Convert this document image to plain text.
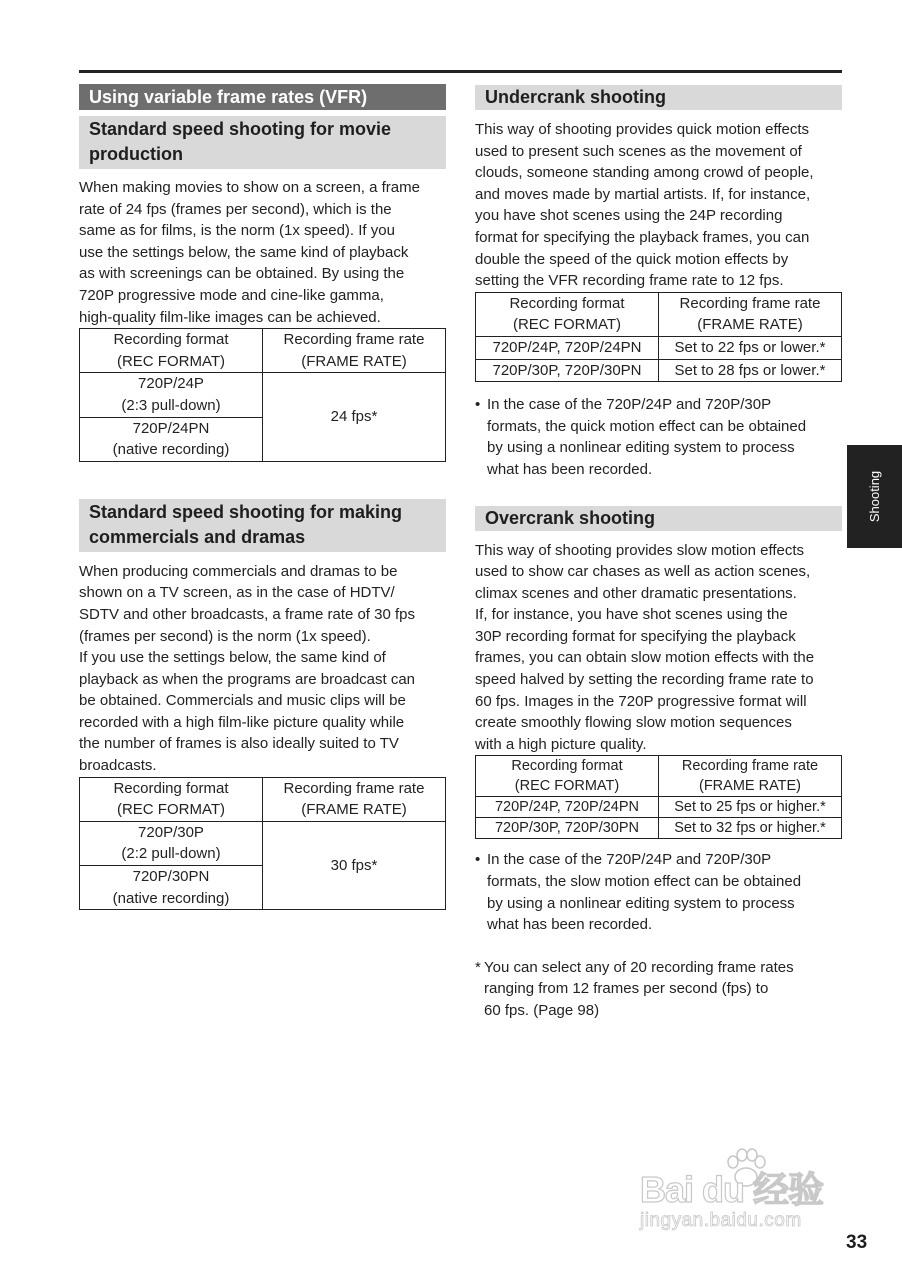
Using variable frame rates (VFR)
Standard speed shooting for movie
production

When making movies to show on a screen, a frame
rate of 24 fps (frames per second), which is the
same as for films, is the norm (1x speed). If you
use the settings below, the same kind of playback
as with screenings can be obtained. By using the
720P progressive mode and cine-like gamma,
high-quality film-like images can be achieved.

Recording format
(REC FORMAT)	Recording frame rate
(FRAME RATE)

720P/24P
(2:3 pull-down)	24 fps*

720P/24PN
(native recording)	
Standard speed shooting for making
commercials and dramas

When producing commercials and dramas to be
shown on a TV screen, as in the case of HDTV/
SDTV and other broadcasts, a frame rate of 30 fps
(frames per second) is the norm (1x speed).
If you use the settings below, the same kind of
playback as when the programs are broadcast can
be obtained. Commercials and music clips will be
recorded with a high film-like picture quality while
the number of frames is also ideally suited to TV
broadcasts.

Recording format
(REC FORMAT)	Recording frame rate
(FRAME RATE)

720P/30P
(2:2 pull-down)	30 fps*

720P/30PN
(native recording)	
Undercrank shooting

This way of shooting provides quick motion effects
used to present such scenes as the movement of
clouds, someone standing among crowd of people,
and moves made by martial artists. If, for instance,
you have shot scenes using the 24P recording
format for specifying the playback frames, you can
double the speed of the quick motion effects by
setting the VFR recording frame rate to 12 fps.

Recording format
(REC FORMAT)	Recording frame rate
(FRAME RATE)

720P/24P, 720P/24PN	Set to 22 fps or lower.*

720P/30P, 720P/30PN	Set to 28 fps or lower.*
• In the case of the 720P/24P and 720P/30P
formats, the quick motion effect can be obtained
by using a nonlinear editing system to process
what has been recorded.
Overcrank shooting

This way of shooting provides slow motion effects
used to show car chases as well as action scenes,
climax scenes and other dramatic presentations.
If, for instance, you have shot scenes using the
30P recording format for specifying the playback
frames, you can obtain slow motion effects with the
speed halved by setting the recording frame rate to
60 fps. Images in the 720P progressive format will
create smoothly flowing slow motion sequences
with a high picture quality.

Recording format
(REC FORMAT)	Recording frame rate
(FRAME RATE)

720P/24P, 720P/24PN	Set to 25 fps or higher.*

720P/30P, 720P/30PN	Set to 32 fps or higher.*
• In the case of the 720P/24P and 720P/30P
formats, the slow motion effect can be obtained
by using a nonlinear editing system to process
what has been recorded.
* You can select any of 20 recording frame rates
ranging from 12 frames per second (fps) to
60 fps. (Page 98)
Shooting
Bai du 经验
jingyan.baidu.com
33
